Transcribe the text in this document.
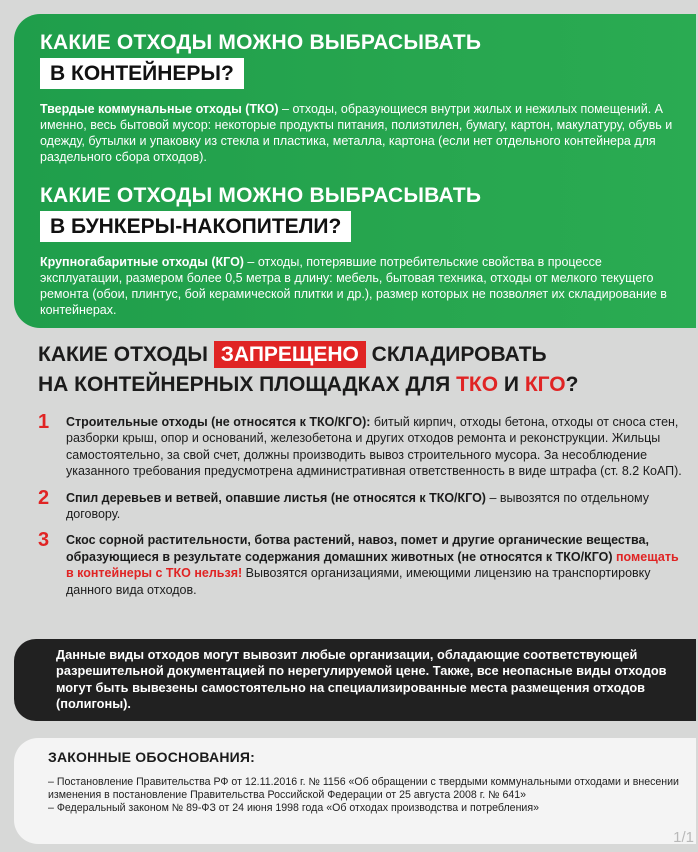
КАКИЕ ОТХОДЫ МОЖНО ВЫБРАСЫВАТЬ
В КОНТЕЙНЕРЫ?
Твердые коммунальные отходы (ТКО) – отходы, образующиеся внутри жилых и нежилых помещений. А именно, весь бытовой мусор: некоторые продукты питания, полиэтилен, бумагу, картон, макулатуру, обувь и одежду, бутылки и упаковку из стекла и пластика, металла, картона (если нет отдельного контейнера для раздельного сбора отходов).
КАКИЕ ОТХОДЫ МОЖНО ВЫБРАСЫВАТЬ
В БУНКЕРЫ-НАКОПИТЕЛИ?
Крупногабаритные отходы (КГО) – отходы, потерявшие потребительские свойства в процессе эксплуатации, размером более 0,5 метра в длину: мебель, бытовая техника, отходы от мелкого текущего ремонта (обои, плинтус, бой керамической плитки и др.), размер которых не позволяет их складирование в контейнерах.
КАКИЕ ОТХОДЫ ЗАПРЕЩЕНО СКЛАДИРОВАТЬ
НА КОНТЕЙНЕРНЫХ ПЛОЩАДКАХ ДЛЯ ТКО И КГО?
1 Строительные отходы (не относятся к ТКО/КГО): битый кирпич, отходы бетона, отходы от сноса стен, разборки крыш, опор и оснований, железобетона и других отходов ремонта и реконструкции. Жильцы самостоятельно, за свой счет, должны производить вывоз строительного мусора. За несоблюдение указанного требования предусмотрена административная ответственность в виде штрафа (ст. 8.2 КоАП).
2 Спил деревьев и ветвей, опавшие листья (не относятся к ТКО/КГО) – вывозятся по отдельному договору.
3 Скос сорной растительности, ботва растений, навоз, помет и другие органические вещества, образующиеся в результате содержания домашних животных (не относятся к ТКО/КГО) помещать в контейнеры с ТКО нельзя! Вывозятся организациями, имеющими лицензию на транспортировку данного вида отходов.
Данные виды отходов могут вывозит любые организации, обладающие соответствующей разрешительной документацией по нерегулируемой цене. Также, все неопасные виды отходов могут быть вывезены самостоятельно на специализированные места размещения отходов (полигоны).
ЗАКОННЫЕ ОБОСНОВАНИЯ:
– Постановление Правительства РФ от 12.11.2016 г. № 1156 «Об обращении с твердыми коммунальными отходами и внесении изменения в постановление Правительства Российской Федерации от 25 августа 2008 г. № 641»
– Федеральный законом № 89-ФЗ от 24 июня 1998 года «Об отходах производства и потребления»
1/1
